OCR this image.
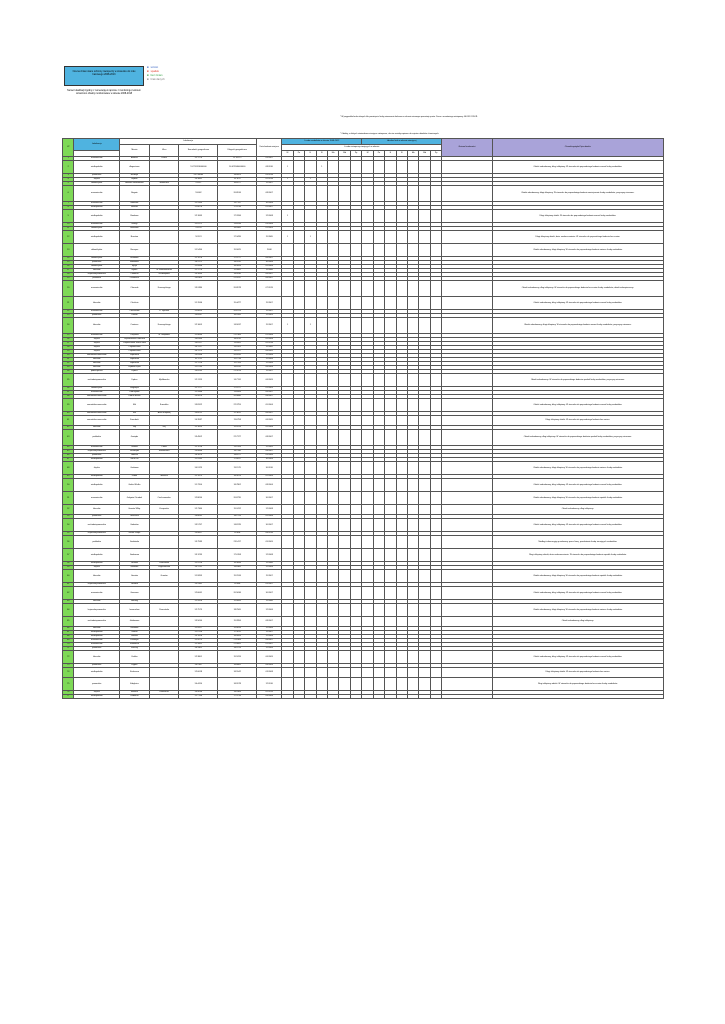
Ocena zmian stanu ochrony nietoperzy w stosunku do roku bazowego 2008-2013
■ wzrost
■ spadek
■ bez zmian
■ brak danych
Numer lokalizacji zgodny z numeracją w raporcie z monitoringu; kolorem oznaczono obiekty monitorowane w okresie 2008-2018
* W przypadku braku danych lub pominięcia liczby zimowania kolumna w okresie zimowym pozostaje pusta. Dane z monitoringu nietoperzy GDOŚ / RDOŚ.
* Obiekty, w których stwierdzono zimujące nietoperze, ale nie zostały wpisane do rejestru obiektów chronionych.
LP	Lokalizacja	Lokalizacja				Data badania miejsca	Liczba osobników w okresie 2008-2012							Analiza liczb w okresie zimującej							Zmiana liczebności	Charakterystyka/Opis obiektu
		Miasto	Ulica	Szerokość geograficzna	Długość geograficzna		Liczba nietoperzy zimujących w okresie															
							M	Pa	E	B	Mn	Md	Pp	M	Pa	E	B	Mn	Md	Pp		
1	mazowieckie	Antonin	Leśna	52.1776	21.32275	09.2007																
2	wielkopolskie	Augustowo		51.759374000000	16.473340000000	08.2010	1			1												Obiekt zabudowany, długi sklepiony. W stosunku do poprzedniego badania wzrost liczby osobników.
3	pomorskie	Bardzyn		53.758083	18.0429	09.2018																
4	śląskie	Będzin		50.3861	19.1137	02.2018	1		1													
5	dolnośląskie	Bielawa Wrocławska	Słoneczna	51.027	16.8577	11.2007																
6	mazowieckie	Bogate		53.062	20.8916	08.2007																Obiekt zabudowany, długi sklepiony. W stosunku do poprzedniego badania zmniejszenie liczby osobników; przyczyny nieznane.
7	mazowieckie	Boniewo		52.5390	19.7787	10.2008																
8	wielkopolskie	Braków		51.6076	17.4734	01.2007																
9	wielkopolskie	Brodowo		52.1849	17.3334	12.2008	1															Długi sklepiony obiekt. W stosunku do poprzedniego badania wzrost liczby osobników.
10	mazowieckie	Brzegi		52.4171	19.6248	03.2008																
11	dolnośląskie	Brzezinki		51.193	16.4500	01.2009																
12	wielkopolskie	Brzeźno		52.374	17.3439	11.2009	1		1													Długi sklepiony obiekt; duże nasłonecznienie. W stosunku do poprzedniego badania bez zmian.
13	dolnośląskie	Buczyna		51.5490	15.9025	2008																Obiekt zabudowany, długi sklepiony. W stosunku do poprzedniego badania zmiana liczby osobników.
14	dolnośląskie	Bukówek		51.1976	17.2277	06.2007																
15	pomorskie	Bukowina		54.5171	18.1032	10.2008																
16	dolnośląskie	Bytyń		51.4568	16.5054	05.2008																
17	lubuskie	Bytom	ul. Rzemieślnicza	51.7276	15.4482	11.2008																
18	kujawsko-pomorskie	Chełmno	Grudziądzka	53.3490	18.4240	06.2007																
19	podlaskie	Choroszcz		53.0309	22.9937	06.2007																
20	mazowieckie	Chorzele	Krzeszyckiego	53.2480	20.8978	07.2019																Obiekt zabudowany, długi sklepiony. W stosunku do poprzedniego badania bez zmian liczby osobników; obiekt zabezpieczony.
21	lubuskie	Chróścin		51.7066	15.4477	11.2007																Obiekt zabudowany, długi sklepiony. W stosunku do poprzedniego badania wzrost liczby osobników.
22	mazowieckie	Ciechanów	17 stycznia	52.8813	20.6174	11.2007																
23	pomorskie	Czarne		53.6547	16.9320	12.2009																
24	lubuskie	Czetrzes	Krzeszyckiego	52.1605	14.9037	11.2007	1		1													Obiekt zabudowany, długi sklepiony. W stosunku do poprzedniego badania wzrost liczby osobników; przyczyny nieznane.
25	mazowieckie	Czupurek	ul. Grzędzka	51.4644	21.1389	01.2008																
26	śląskie	Częstochowa Dzieciece		50.8164	18.9970	05.2008																
27	śląskie	Częstochowa Jasna Góra		50.8127	19.0981	05.2018																
28	śląskie	Częstochowa		50.7917	19.1201	11.2005																
29	śląskie	Częstochowa		50.7975	19.1227	06.2005																
30	warmińsko-mazurskie	Dąbrówno		53.4338	20.0245	12.2008																
31	lubuskie	Dąbrówka		52.1711	15.1718	12.2006																
32	lubuskie	Dąbrówka		52.1726	15.1706	12.2006																
33	lubuskie	Dębowa Łęka		51.9733	16.0370	06.2008																
34	podkarpackie	Dębica		50.0249	21.3978	11.2007																
35	zachodniopomorskie	Dębno	Myśliborska	52.7419	14.7131	06.2009																Obiekt zabudowany. W stosunku do poprzedniego badania spadek liczby osobników; przyczyny nieznane.
36	dolnośląskie	Długołęka		51.1777	17.1977	01.2009																
37	mazowieckie	Dobrzyków		52.5488	19.6964	06.2007																
38	warmińsko-mazurskie	Dobre Miasto		53.9870	20.4080	08.2007																
39	warmińsko-mazurskie	Ełk	Suwalska	53.8312	22.3759	05.2004																Obiekt zabudowany, długi sklepiony. W stosunku do poprzedniego badania wzrost liczby osobników.
40	warmińsko-mazurskie	Ełk	Armii Krajowej	53.8212	22.3611	06.2007																
41	warmińsko-mazurskie	Frombork		54.3587	19.6758	06.2005																Długi sklepiony obiekt. W stosunku do poprzedniego badania bez zmian.
42	lubuskie	Gaj	Gaj	52.1813	15.1013	05.2008																
43	podlaskie	Goniądz		53.4902	22.7377	08.2007																Obiekt zabudowany, długi sklepiony. W stosunku do poprzedniego badania spadek liczby osobników; przyczyny nieznane.
44	mazowieckie	Górzno	Polna	52.1218	19.9154	12.2005																
45	kujawsko-pomorskie	Grudziądz	Śniadeckich	53.4848	18.7540	08.2007																
46	pomorskie	Gdańsk		54.3473	18.6577	09.2006																
47	wielkopolskie	Gora Lilii		51.2945	17.0417	10.2004																
48	śląskie	Grabowa		50.9129	19.1575	10.2010																Obiekt zabudowany, długi sklepiony. W stosunku do poprzedniego badania zmiana liczby osobników.
49	wielkopolskie	Gubin	Mielnica	52.1475	16.5874	02.2004																
50	wielkopolskie	Gubin Wielka		51.7200	16.7802	08.2004																Obiekt zabudowany, długi sklepiony. W stosunku do poprzedniego badania wzrost liczby osobników.
51	mazowieckie	Gołymin Ośrodek	Ciechanowska	52.8090	20.8735	10.2007																Obiekt zabudowany, długi sklepiony. W stosunku do poprzedniego badania spadek liczby osobników.
52	lubuskie	Gorzów Wlkp.	Kasprzaka	52.7360	15.2412	12.2008																Obiekt zabudowany, długi sklepiony.
53	pomorskie	Gościcino		54.6042	18.1726	05.2008																
54	zachodniopomorskie	Goleniów		53.5797	14.8749	10.2007																Obiekt zabudowany, długi sklepiony. W stosunku do poprzedniego badania wzrost liczby osobników.
55	kujawsko-pomorskie	Górna Grupa		53.4857	18.608	08.2016																
56	podlaskie	Grabówka		53.7583	23.1417	09.2009																Niedługi informacyjny przekazany przez firmę, przedstawia liczbę zimujących osobników.
57	wielkopolskie	Grabowno		53.1239	17.0158	12.2008																Długi sklepiony obiekt; duże nasłonecznienie. W stosunku do poprzedniego badania spadek liczby osobników.
58	wielkopolskie	Grotniki	Poznańska	52.2228	16.3648	11.2008																
59	śląskie	Grodziec	Legionowska	50.7291	18.8300	12.2008																
60	lubuskie	Gronów	Gronów	51.9899	15.2244	11.2007																Obiekt zabudowany, długi sklepiony. W stosunku do poprzedniego badania spadek liczby osobników.
61	kujawsko-pomorskie	Grudzie		53.5381	18.468	09.2007																
62	mazowieckie	Gumowo		52.6641	20.5636	10.2007																Obiekt zabudowany, długi sklepiony. W stosunku do poprzedniego badania wzrost liczby osobników.
63	lubuskie	Hartwig		52.5428	15.4449	11.2008																
64	kujawsko-pomorskie	Inowrocław	Poznańska	52.7579	18.2565	12.2006																Obiekt zabudowany, długi sklepiony. W stosunku do poprzedniego badania zmiana liczby osobników.
65	zachodniopomorskie	Jabłonowo		53.5090	15.2896	08.2007																Obiekt zabudowany, długi sklepiony.
66	lubuskie	Jasieniec		51.9927	15.4414	12.2006																
67	wielkopolskie	Jarocin		51.9756	17.5011	11.2007																
68	wielkopolskie	Jeziorki		53.1428	16.9826	12.2008																
69	mazowieckie	Kałuszyn		52.2079	21.8106	08.2007																
70	mazowieckie	Kamionna		52.3901	22.4081	01.2007																
71	pomorskie	Kartuzy		54.3302	18.1978	12.2006																
72	lubuskie	Kałsko		52.3801	15.5226	06.2009																Obiekt zabudowany, długi sklepiony. W stosunku do poprzedniego badania wzrost liczby osobników.
73	pomorskie	Kępice		54.2367	16.8862	08.2004																
74	wielkopolskie	Kiełczewo		52.0618	16.5542	03.2008																Długi sklepiony obiekt. W stosunku do poprzedniego badania bez zmian.
75	pomorskie	Kobylnica		54.4414	16.9978	12.2010																Długi sklepiony obiekt. W stosunku do poprzedniego badania bez zmian liczby osobników.
76	śląskie	Kłobuck	Rzeźnicza	50.9036	18.9364	02.2019																
77	wielkopolskie	Kobierno		51.7766	17.3718	04.2008																
